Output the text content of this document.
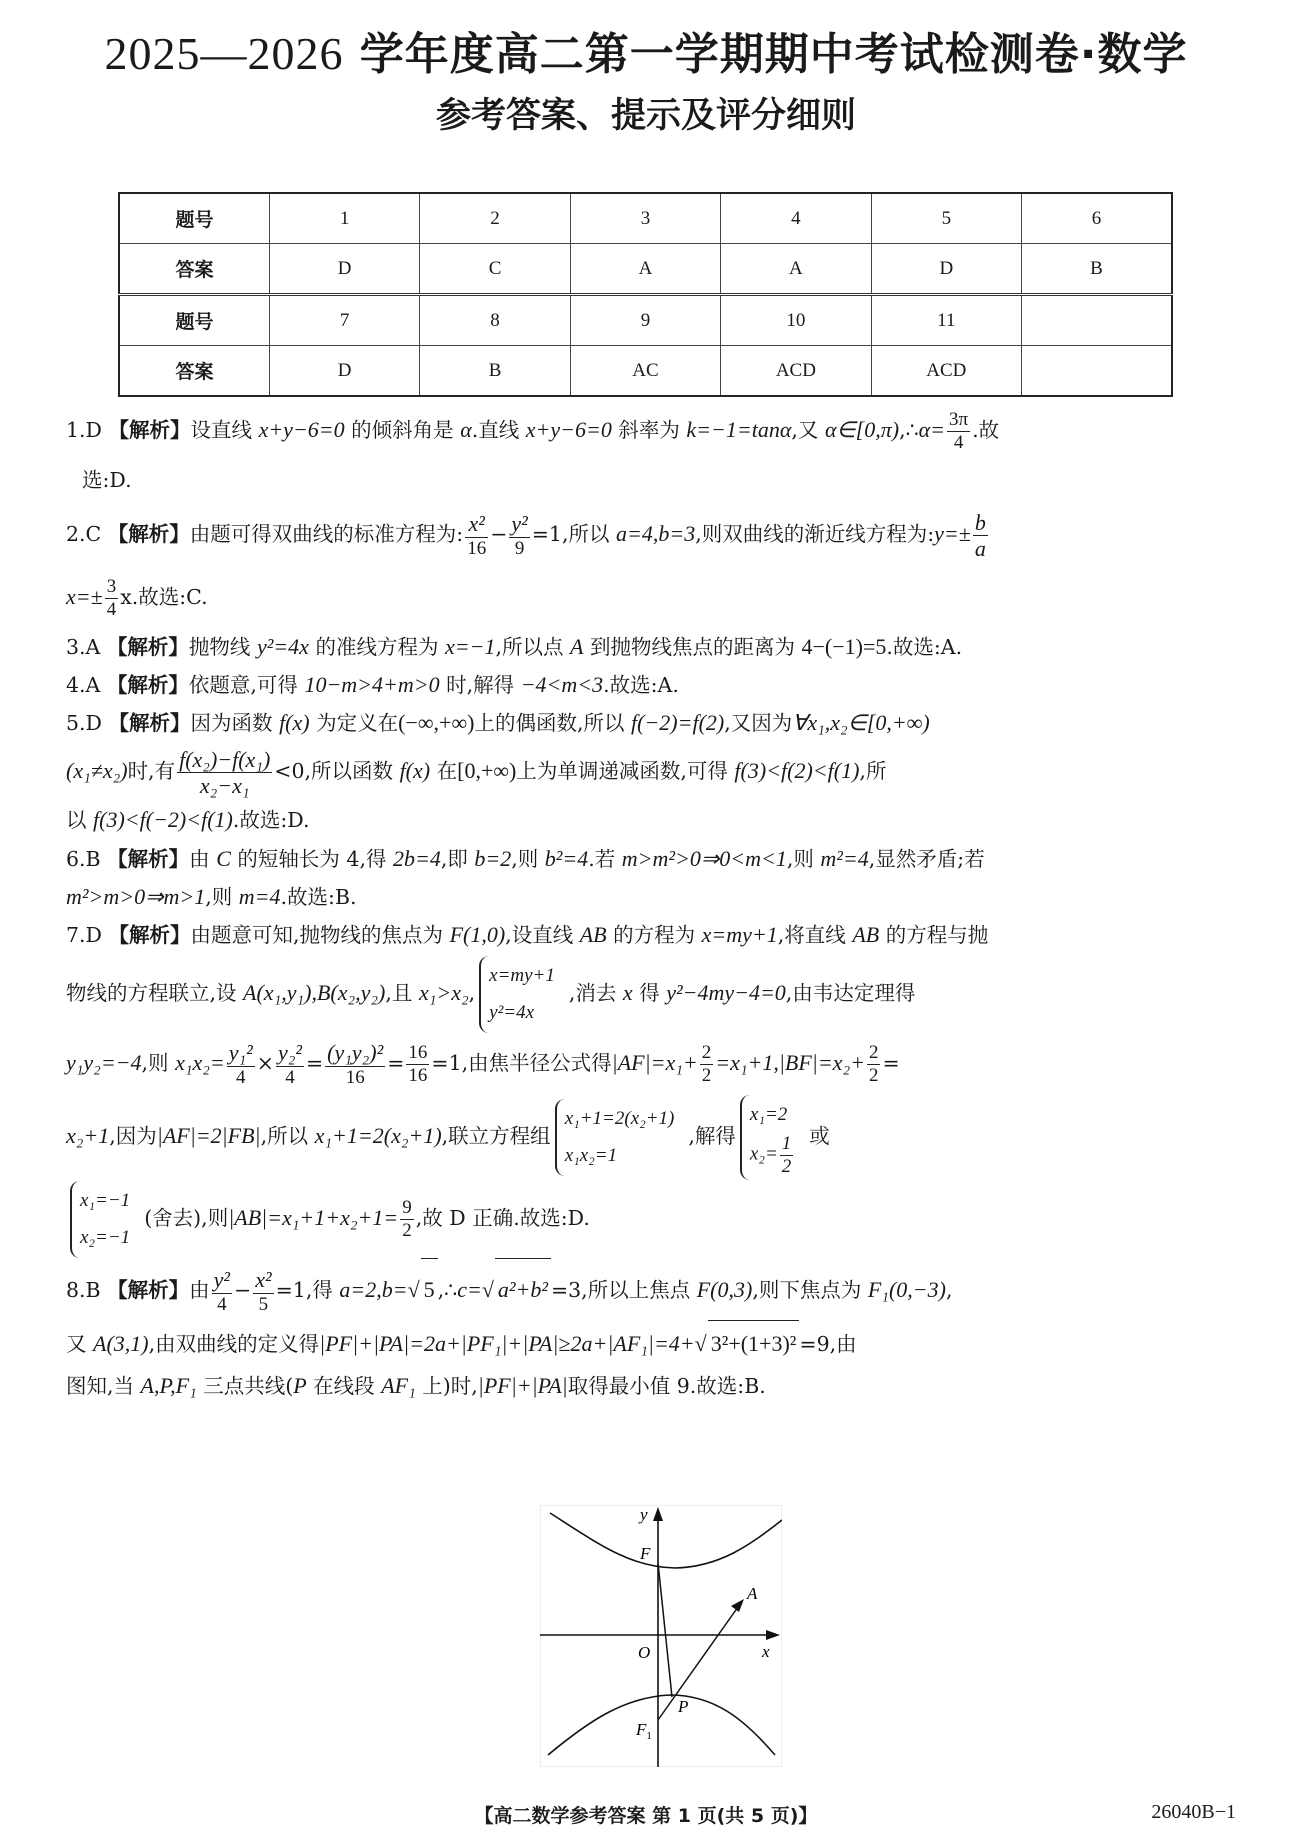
2025—2026 学年度高二第一学期期中考试检测卷·数学
参考答案、提示及评分细则
题号	1	2	3	4	5	6
答案	D	C	A	A	D	B
题号	7	8	9	10	11	
答案	D	B	AC	ACD	ACD	
1.D 【解析】设直线 x+y−6=0 的倾斜角是 α.直线 x+y−6=0 斜率为 k=−1=tanα,又 α∈[0,π),∴α= $\frac{3\pi}{4}$ .故
选:D.
2.C 【解析】由题可得双曲线的标准方程为: $\frac{\text{x²}}{16} - \frac{\text{y²}}{9} =1$,所以 a=4,b=3,则双曲线的渐近线方程为:y=± $\frac{b}{a}$
$x=\pm \frac{3}{4} x$.故选:C.
3.A 【解析】抛物线 y²=4x 的准线方程为 x=−1,所以点 A 到抛物线焦点的距离为 4−(−1)=5.故选:A.
4.A 【解析】依题意,可得 10−m>4+m>0 时,解得 −4<m<3.故选:A.
5.D 【解析】因为函数 f(x) 为定义在(−∞,+∞)上的偶函数,所以 f(−2)=f(2),又因为∀x₁,x₂∈[0,+∞)
(x₁≠x₂)时,有 $\frac{\text{f(x₂)−f(x₁)}}{\text{x₂−x₁}} <0$,所以函数 f(x) 在[0,+∞)上为单调递减函数,可得 f(3)<f(2)<f(1),所
以 f(3)<f(−2)<f(1).故选:D.
6.B 【解析】由 C 的短轴长为 4,得 2b=4,即 b=2,则 b²=4.若 m>m²>0⇒0<m<1,则 m²=4,显然矛盾;若
m²>m>0⇒m>1,则 m=4.故选:B.
7.D 【解析】由题意可知,抛物线的焦点为 F(1,0),设直线 AB 的方程为 x=my+1,将直线 AB 的方程与抛
物线的方程联立,设 A(x₁,y₁),B(x₂,y₂),且 x₁>x₂,
x=my+1
y²=4x
,消去 x 得 y²−4my−4=0,由韦达定理得
y₁y₂=−4,则 $x_1x_2= \frac{\text{y₁²}}{4} \times \frac{\text{y₂²}}{4} = \frac{\text{(y₁y₂)²}}{16} = \frac{16}{16} =1$,由焦半径公式得$|AF|=x_1+ \frac{2}{2} =x_1+1,|BF|=x_2+ \frac{2}{2}$ =
x₂+1,因为|AF|=2|FB|,所以 x₁+1=2(x₂+1),联立方程组
x₁+1=2(x₂+1)
x₁x₂=1
,解得
x₁=2
$x_2= \frac{1}{2}$ 或
x₁=−1
x₂=−1
(舍去),则$|AB|=x_1+1+x_2+1= \frac{9}{2}$ ,故 D 正确.故选:D.
8.B 【解析】由 $\frac{\text{y²}}{4} - \frac{\text{x²}}{5} =1$,得 a=2,b=√ 5 ,∴c=√ a²+b² =3,所以上焦点 F(0,3),则下焦点为 F₁(0,−3),
又 A(3,1),由双曲线的定义得|PF|+|PA|=2a+|PF₁|+|PA|≥2a+|AF₁|=4+√ 3²+(1+3)² =9,由
图知,当 A,P,F₁ 三点共线(P 在线段 AF₁ 上)时,|PF|+|PA|取得最小值 9.故选:B.
y
x
O
F
A
P
$F_1$
【高二数学参考答案 第 1 页(共 5 页)】	26040B−1
